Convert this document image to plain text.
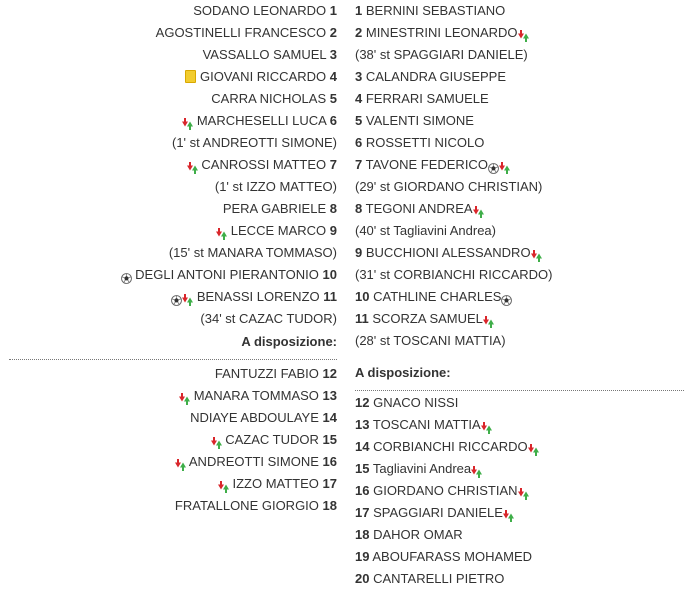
SODANO LEONARDO 1
AGOSTINELLI FRANCESCO 2
VASSALLO SAMUEL 3
GIOVANI RICCARDO 4
CARRA NICHOLAS 5
MARCHESELLI LUCA 6
(1' st ANDREOTTI SIMONE)
CANROSSI MATTEO 7
(1' st IZZO MATTEO)
PERA GABRIELE 8
LECCE MARCO 9
(15' st MANARA TOMMASO)
DEGLI ANTONI PIERANTONIO 10
BENASSI LORENZO 11
(34' st CAZAC TUDOR)
A disposizione:
FANTUZZI FABIO 12
MANARA TOMMASO 13
NDIAYE ABDOULAYE 14
CAZAC TUDOR 15
ANDREOTTI SIMONE 16
IZZO MATTEO 17
FRATALLONE GIORGIO 18
1 BERNINI SEBASTIANO
2 MINESTRINI LEONARDO
(38' st SPAGGIARI DANIELE)
3 CALANDRA GIUSEPPE
4 FERRARI SAMUELE
5 VALENTI SIMONE
6 ROSSETTI NICOLO
7 TAVONE FEDERICO
(29' st GIORDANO CHRISTIAN)
8 TEGONI ANDREA
(40' st Tagliavini Andrea)
9 BUCCHIONI ALESSANDRO
(31' st CORBIANCHI RICCARDO)
10 CATHLINE CHARLES
11 SCORZA SAMUEL
(28' st TOSCANI MATTIA)
A disposizione:
12 GNACO NISSI
13 TOSCANI MATTIA
14 CORBIANCHI RICCARDO
15 Tagliavini Andrea
16 GIORDANO CHRISTIAN
17 SPAGGIARI DANIELE
18 DAHOR OMAR
19 ABOUFARASS MOHAMED
20 CANTARELLI PIETRO
